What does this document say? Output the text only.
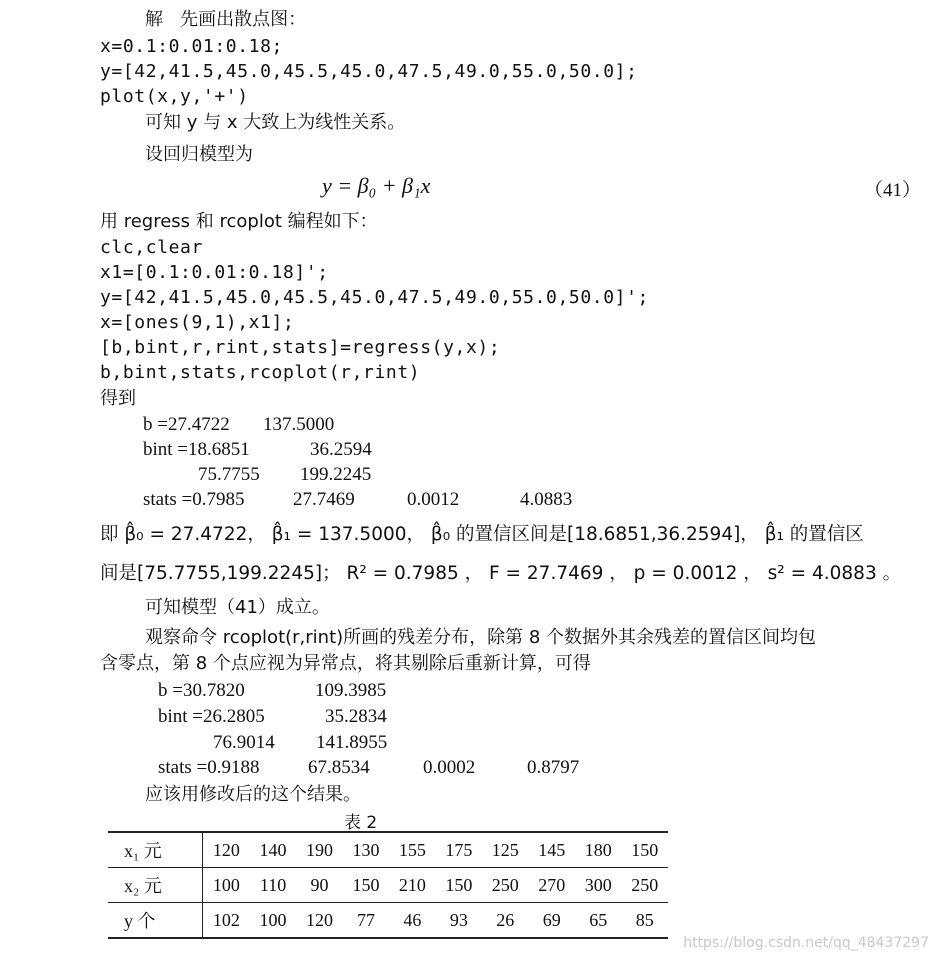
解   先画出散点图：
x=0.1:0.01:0.18;
y=[42,41.5,45.0,45.5,45.0,47.5,49.0,55.0,50.0];
plot(x,y,'+')
可知 y 与 x 大致上为线性关系。
设回归模型为
y = β₀ + β₁x	（41）
用 regress 和 rcoplot 编程如下：
clc,clear
x1=[0.1:0.01:0.18]';
y=[42,41.5,45.0,45.5,45.0,47.5,49.0,55.0,50.0]';
x=[ones(9,1),x1];
[b,bint,r,rint,stats]=regress(y,x);
b,bint,stats,rcoplot(r,rint)
得到
b =27.4722 137.5000
bint =18.6851	36.2594
75.7755 199.2245
stats =0.7985	27.7469	0.0012	4.0883
即 β̂₀ = 27.4722， β̂₁ = 137.5000， β̂₀ 的置信区间是[18.6851,36.2594]， β̂₁ 的置信区
间是[75.7755,199.2245]； R² = 0.7985 ， F = 27.7469 ， p = 0.0012 ， s² = 4.0883 。
可知模型（41）成立。
观察命令 rcoplot(r,rint)所画的残差分布，除第 8 个数据外其余残差的置信区间均包
含零点，第 8 个点应视为异常点，将其剔除后重新计算，可得
b =30.7820	109.3985
bint =26.2805	35.2834
76.9014 141.8955
stats =0.9188	67.8534	0.0002	0.8797
应该用修改后的这个结果。
表 2
x₁ 元	120	140	190	130	155	175	125	145	180	150
x₂ 元	100	110	90	150	210	150	250	270	300	250
y 个	102	100	120	77	46	93	26	69	65	85
https://blog.csdn.net/qq_48437297
